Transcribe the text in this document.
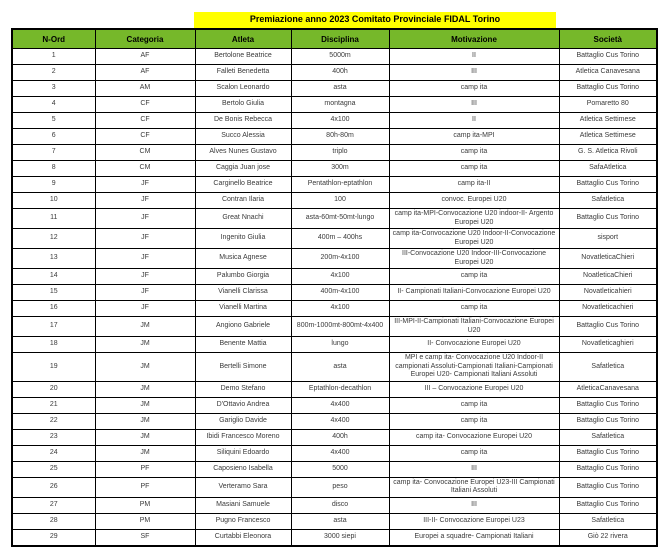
Premiazione anno 2023 Comitato Provinciale FIDAL Torino
N-Ord	Categoria	Atleta	Disciplina	Motivazione	Società
1	AF	Bertolone Beatrice	5000m	II	Battaglio Cus Torino
2	AF	Falleti Benedetta	400h	III	Atletica Canavesana
3	AM	Scalon Leonardo	asta	camp ita	Battaglio Cus Torino
4	CF	Bertolo Giulia	montagna	III	Pomaretto 80
5	CF	De Bonis Rebecca	4x100	II	Atletica Settimese
6	CF	Succo Alessia	80h-80m	camp ita-MPI	Atletica Settimese
7	CM	Alves Nunes Gustavo	triplo	camp ita	G. S. Atletica Rivoli
8	CM	Caggia Juan jose	300m	camp ita	SafaAtletica
9	JF	Carginello Beatrice	Pentathlon-eptathlon	camp ita-II	Battaglio Cus Torino
10	JF	Contran Ilaria	100	convoc. Europei U20	Safatletica
11	JF	Great Nnachi	asta-60mt-50mt-lungo	camp ita-MPI-Convocazione U20 indoor-II- Argento Europei U20	Battaglio Cus Torino
12	JF	Ingenito Giulia	400m – 400hs	camp ita-Convocazione U20 Indoor-II-Convocazione Europei U20	sisport
13	JF	Musica Agnese	200m-4x100	III-Convocazione U20 Indoor-III-Convocazione Europei U20	NovatleticaChieri
14	JF	Palumbo Giorgia	4x100	camp ita	NoatleticaChieri
15	JF	Vianelli Clarissa	400m-4x100	II- Campionati Italiani-Convocazione Europei U20	Novatleticahieri
16	JF	Vianelli Martina	4x100	camp ita	Novatleticachieri
17	JM	Angiono Gabriele	800m-1000mt-800mt-4x400	III-MPI-II-Campionati Italiani-Convocazione Europei U20	Battaglio Cus Torino
18	JM	Benente Mattia	lungo	II- Convocazione Europei U20	Novatleticaghieri
19	JM	Bertelli Simone	asta	MPI e camp ita- Convocazione U20 Indoor-II campionati Assoluti-Campionati Italiani-Campionati Europei U20- Campionati Italiani Assoluti	Safatletica
20	JM	Demo Stefano	Eptathlon-decathlon	III – Convocazione Europei U20	AtleticaCanavesana
21	JM	D'Ottavio Andrea	4x400	camp ita	Battaglio Cus Torino
22	JM	Gariglio Davide	4x400	camp ita	Battaglio Cus Torino
23	JM	Ibidi Francesco Moreno	400h	camp ita- Convocazione Europei U20	Safatletica
24	JM	Siliquini Edoardo	4x400	camp ita	Battaglio Cus Torino
25	PF	Caposieno Isabella	5000	III	Battaglio Cus Torino
26	PF	Verteramo Sara	peso	camp ita- Convocazione Europei U23-III Campionati Italiani Assoluti	Battaglio Cus Torino
27	PM	Masiani Samuele	disco	III	Battaglio Cus Torino
28	PM	Pugno Francesco	asta	III-II- Convocazione Europei U23	Safatletica
29	SF	Curtabbi Eleonora	3000 siepi	Europei a squadre- Campionati Italiani	Giò 22 rivera
